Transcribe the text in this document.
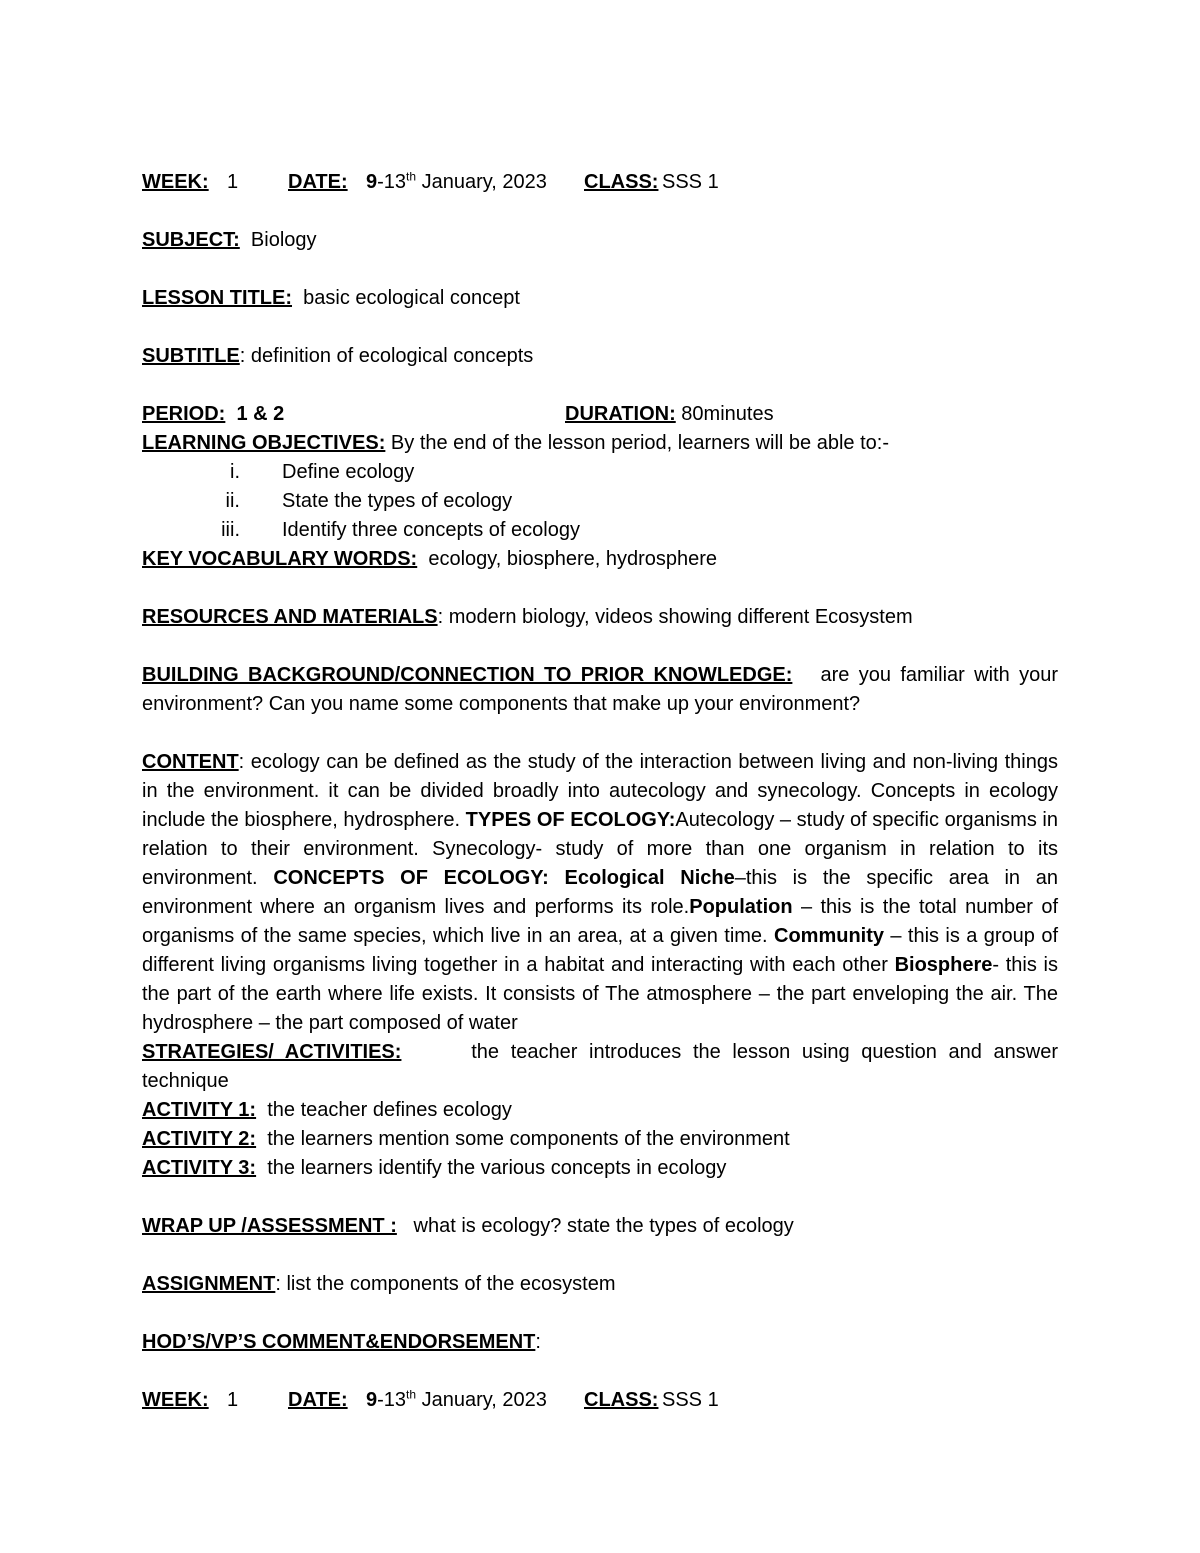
WEEK: 1 DATE: 9-13th January, 2023 CLASS: SSS 1
SUBJECT: Biology
LESSON TITLE: basic ecological concept
SUBTITLE: definition of ecological concepts
PERIOD: 1 & 2	DURATION: 80minutes
LEARNING OBJECTIVES: By the end of the lesson period, learners will be able to:-
i. Define ecology
ii. State the types of ecology
iii. Identify three concepts of ecology
KEY VOCABULARY WORDS: ecology, biosphere, hydrosphere
RESOURCES AND MATERIALS: modern biology, videos showing different Ecosystem
BUILDING BACKGROUND/CONNECTION TO PRIOR KNOWLEDGE: are you familiar with your environment? Can you name some components that make up your environment?
CONTENT: ecology can be defined as the study of the interaction between living and non-living things in the environment. it can be divided broadly into autecology and synecology. Concepts in ecology include the biosphere, hydrosphere. TYPES OF ECOLOGY:Autecology – study of specific organisms in relation to their environment. Synecology- study of more than one organism in relation to its environment. CONCEPTS OF ECOLOGY: Ecological Niche–this is the specific area in an environment where an organism lives and performs its role.Population – this is the total number of organisms of the same species, which live in an area, at a given time. Community – this is a group of different living organisms living together in a habitat and interacting with each other Biosphere- this is the part of the earth where life exists. It consists of The atmosphere – the part enveloping the air. The hydrosphere – the part composed of water
STRATEGIES/ ACTIVITIES:	the teacher introduces the lesson using question and answer technique
ACTIVITY 1: the teacher defines ecology
ACTIVITY 2: the learners mention some components of the environment
ACTIVITY 3: the learners identify the various concepts in ecology
WRAP UP /ASSESSMENT : what is ecology? state the types of ecology
ASSIGNMENT: list the components of the ecosystem
HOD’S/VP’S COMMENT&ENDORSEMENT:
WEEK: 1 DATE: 9-13th January, 2023 CLASS: SSS 1
